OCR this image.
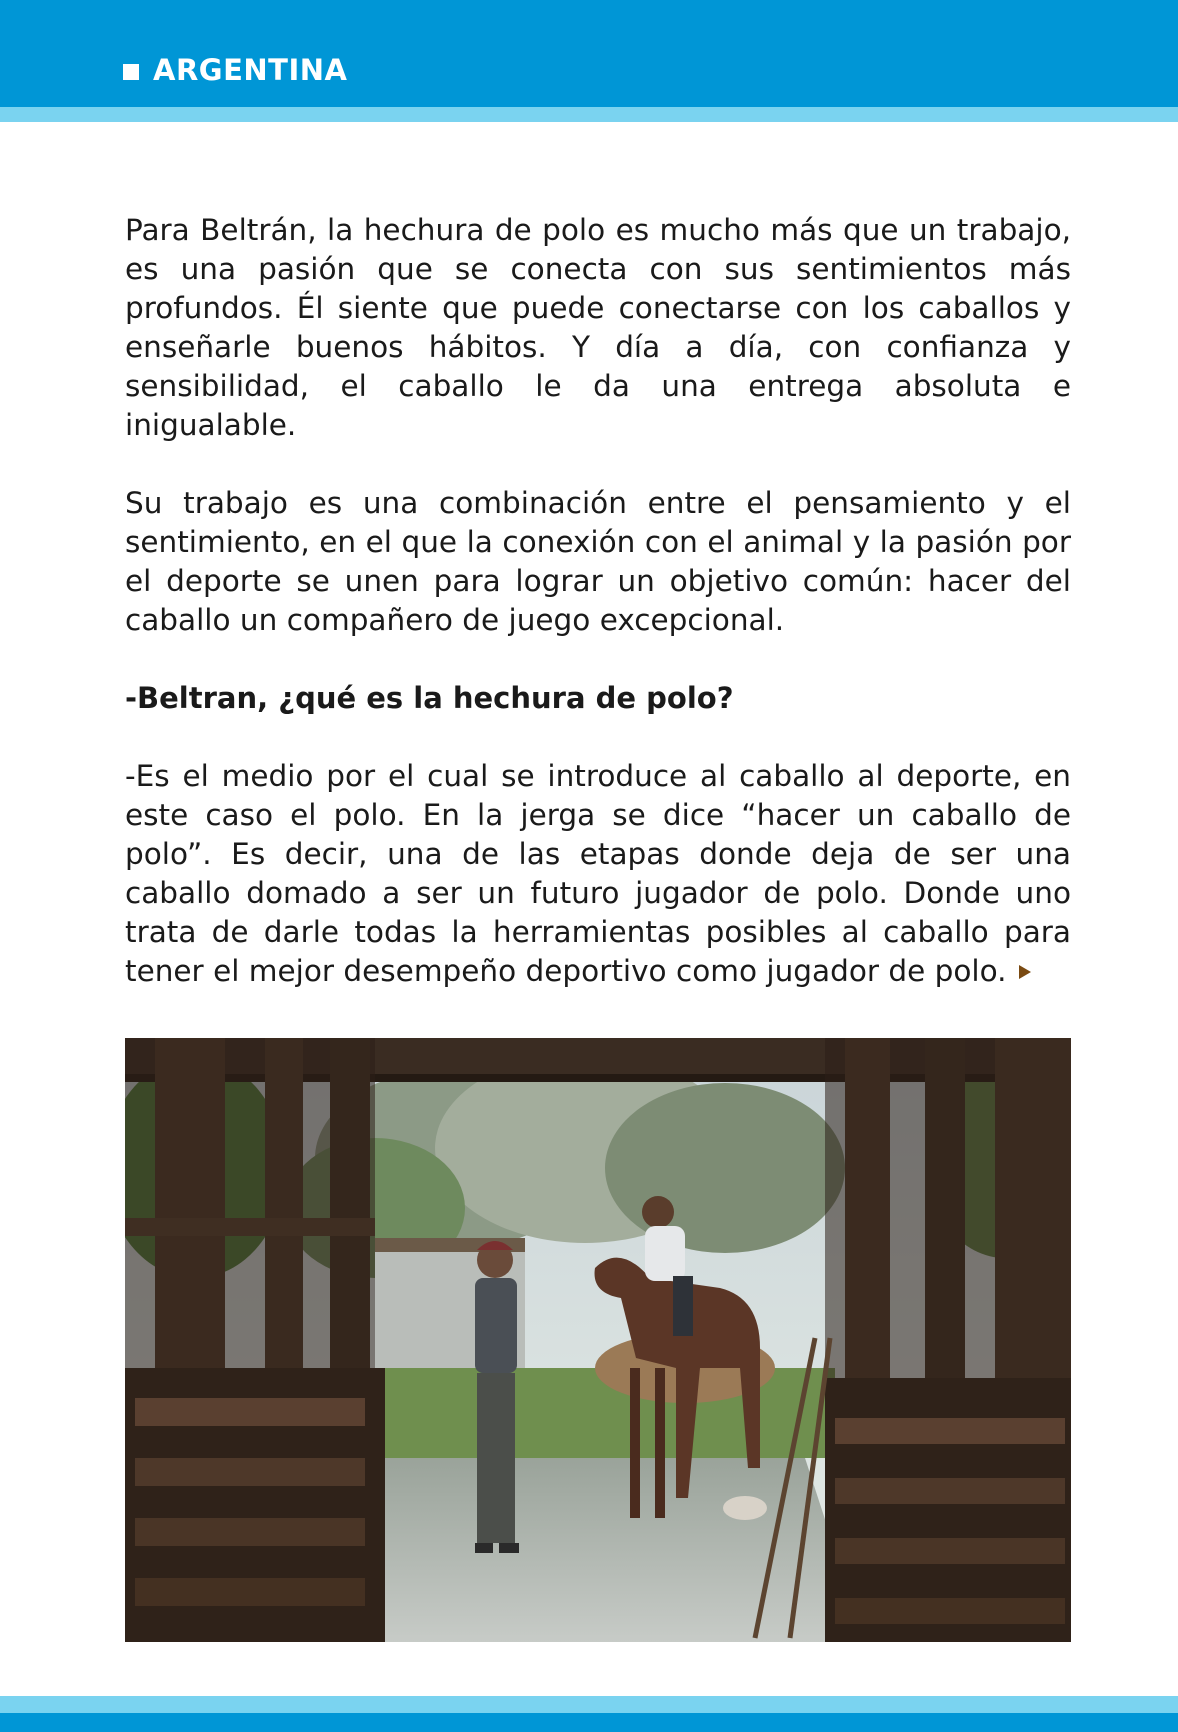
ARGENTINA

Para Beltrán, la hechura de polo es mucho más que un trabajo, es una pasión que se conecta con sus sentimientos más profundos. Él siente que puede conectarse con los caballos y enseñarle buenos hábitos. Y día a día, con confianza y sensibilidad, el caballo le da una entrega absoluta e inigualable.

Su trabajo es una combinación entre el pensamiento y el sentimiento, en el que la conexión con el animal y la pasión por el deporte se unen para lograr un objetivo común: hacer del caballo un compañero de juego excepcional.

-Beltran, ¿qué es la hechura de polo?

-Es el medio por el cual se introduce al caballo al deporte, en este caso el polo. En la jerga se dice “hacer un caballo de polo”. Es decir, una de las etapas donde deja de ser una caballo domado a ser un futuro jugador de polo. Donde uno trata de darle todas la herramientas posibles al caballo para tener el mejor desempeño deportivo como jugador de polo.
